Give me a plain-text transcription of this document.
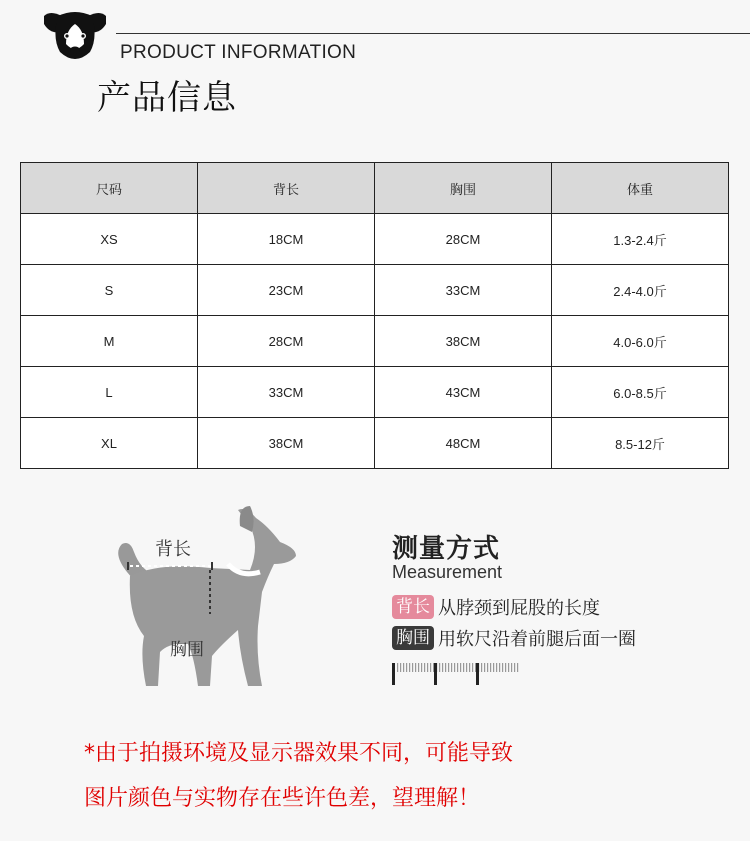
PRODUCT INFORMATION
产品信息
尺码	背长	胸围	体重
XS	18CM	28CM	1.3-2.4斤
S	23CM	33CM	2.4-4.0斤
M	28CM	38CM	4.0-6.0斤
L	33CM	43CM	6.0-8.5斤
XL	38CM	48CM	8.5-12斤
背长
胸围
测量方式
Measurement
背长 从脖颈到屁股的长度
胸围 用软尺沿着前腿后面一圈
*由于拍摄环境及显示器效果不同，可能导致
图片颜色与实物存在些许色差，望理解！
